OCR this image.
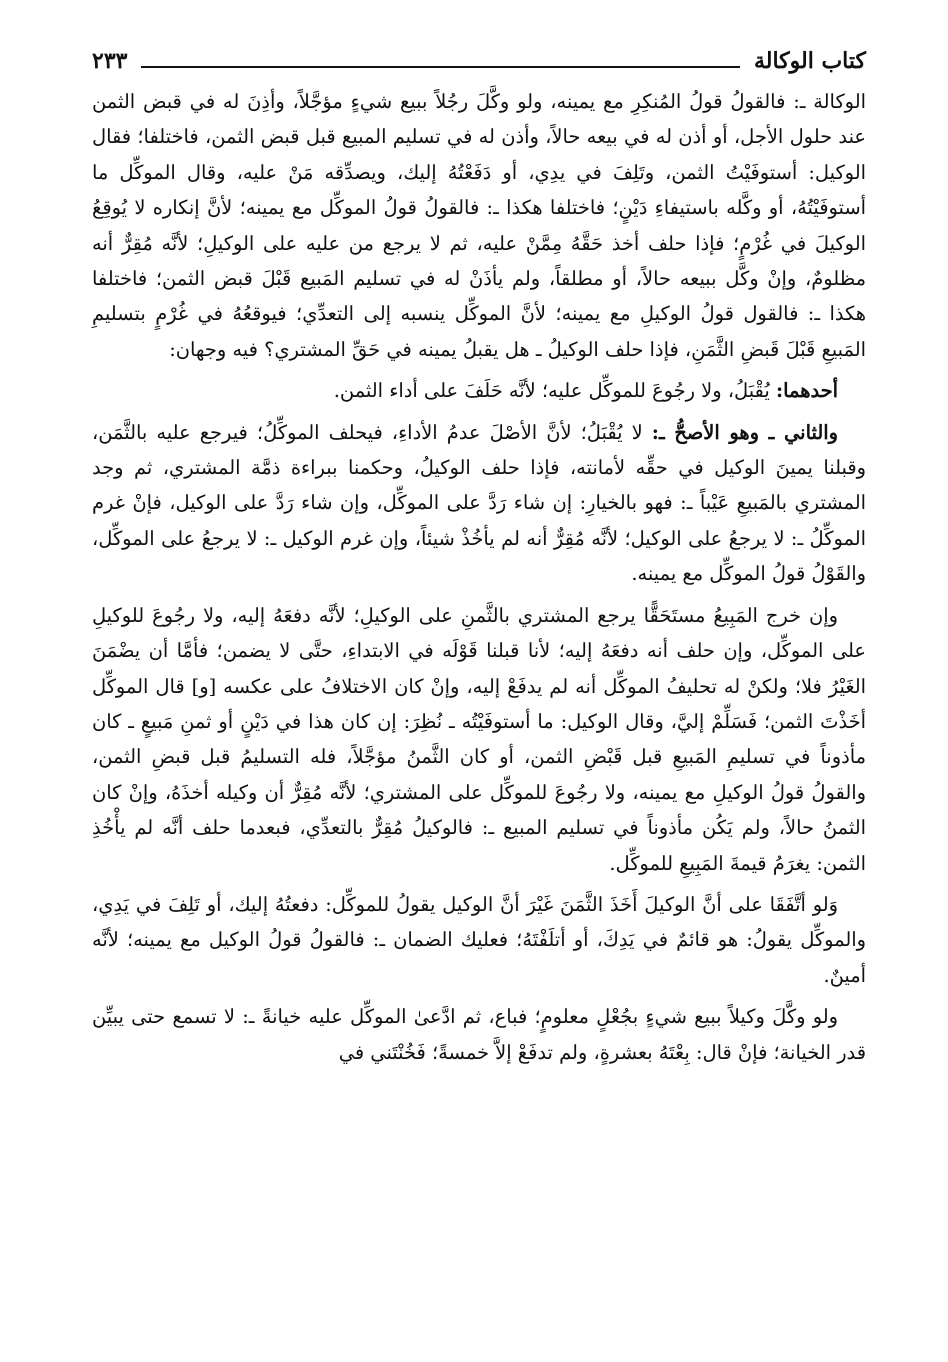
كتاب الوكالة
٢٣٣

الوكالة ـ: فالقولُ قولُ المُنكِرِ مع يمينه، ولو وكَّلَ رجُلاً ببيع شيءٍ مؤجَّلاً، وأذِنَ له في قبض الثمن عند حلول الأجل، أو أذن له في بيعه حالاً، وأذن له في تسليم المبيع قبل قبض الثمن، فاختلفا؛ فقال الوكيل: أستوفَيْتُ الثمن، وتَلِفَ في يدِي، أو دَفَعْتُهُ إليك، ويصدِّقه مَنْ عليه، وقال الموكِّل ما أستوفَيْتُهُ، أو وكَّله باستيفاءِ دَيْنٍ؛ فاختلفا هكذا ـ: فالقولُ قولُ الموكِّل مع يمينه؛ لأنَّ إنكاره لا يُوقِعُ الوكيلَ في غُرْمٍ؛ فإذا حلف أخذ حَقَّهُ مِمَّنْ عليه، ثم لا يرجع من عليه على الوكيلِ؛ لأنَّه مُقِرٌّ أنه مظلومٌ، وإنْ وكَّل ببيعه حالاً، أو مطلقاً، ولم يأذَنْ له في تسليم المَبيع قَبْلَ قبض الثمن؛ فاختلفا هكذا ـ: فالقول قولُ الوكيلِ مع يمينه؛ لأنَّ الموكِّل ينسبه إلى التعدِّي؛ فيوقعُهُ في غُرْمٍ بتسليمِ المَبيعِ قَبْلَ قَبضِ الثَّمَنِ، فإذا حلف الوكيلُ ـ هل يقبلُ يمينه في حَقِّ المشتري؟ فيه وجهان:

أحدهما: يُقْبَلُ، ولا رجُوعَ للموكِّل عليه؛ لأنَّه حَلَفَ على أداء الثمن.

والثاني ـ وهو الأصحُّ ـ: لا يُقْبَلُ؛ لأنَّ الأصْلَ عدمُ الأداءِ، فيحلف الموكِّلُ؛ فيرجع عليه بالثَّمَن، وقبلنا يمينَ الوكيل في حقِّه لأمانته، فإذا حلف الوكيلُ، وحكمنا ببراءة ذمَّة المشتري، ثم وجد المشتري بالمَبيعِ عَيْباً ـ: فهو بالخيارِ: إن شاء رَدَّ على الموكِّل، وإن شاء رَدَّ على الوكيل، فإنْ غرم الموكِّلُ ـ: لا يرجعُ على الوكيل؛ لأنَّه مُقِرٌّ أنه لم يأخُذْ شيئاً، وإن غرم الوكيل ـ: لا يرجعُ على الموكِّل، والقَوْلُ قولُ الموكِّل مع يمينه.

وإن خرج المَبِيعُ مستَحَقًّا يرجع المشتري بالثَّمنِ على الوكيلِ؛ لأنَّه دفعَهُ إليه، ولا رجُوعَ للوكيلِ على الموكِّل، وإن حلف أنه دفعَهُ إليه؛ لأنا قبلنا قَوْلَه في الابتداءِ، حتَّى لا يضمن؛ فأمَّا أن يضْمَنَ الغَيْرُ فلا؛ ولكنْ له تحليفُ الموكِّل أنه لم يدفَعْ إليه، وإنْ كان الاختلافُ على عكسه [و] قال الموكِّل أخَذْتَ الثمن؛ فَسَلِّمْ إليَّ، وقال الوكيل: ما أستوفَيْتُه ـ نُظِرَ: إن كان هذا في دَيْنٍ أو ثمنِ مَبيعٍ ـ كان مأذوناً في تسليمِ المَبيعِ قبل قَبْضِ الثمن، أو كان الثَّمنُ مؤجَّلاً، فله التسليمُ قبل قبضِ الثمن، والقولُ قولُ الوكيلِ مع يمينه، ولا رجُوعَ للموكِّل على المشتري؛ لأنَّه مُقِرٌّ أن وكيله أخذَهُ، وإنْ كان الثمنُ حالاً، ولم يَكُن مأذوناً في تسليم المبيع ـ: فالوكيلُ مُقِرٌّ بالتعدِّي، فبعدما حلف أنَّه لم يأْخُذِ الثمن: يغرَمُ قيمةَ المَبِيعِ للموكِّل.

وَلو أتَّفَقَا على أنَّ الوكيلَ أَخَذَ الثَّمَنَ غَيْرَ أنَّ الوكيل يقولُ للموكِّل: دفعتُهُ إليك، أو تَلِفَ في يَدِي، والموكِّل يقولُ: هو قائمٌ في يَدِكَ، أو أتلَفْتَهُ؛ فعليك الضمان ـ: فالقولُ قولُ الوكيل مع يمينه؛ لأنَّه أمينٌ.

ولو وكَّلَ وكيلاً ببيع شيءٍ بجُعْلٍ معلومٍ؛ فباع، ثم ادَّعىٰ الموكِّل عليه خيانةً ـ: لا تسمع حتى يبيِّن قدر الخيانة؛ فإنْ قال: بِعْتَهُ بعشرةٍ، ولم تدفَعْ إلاَّ خمسةً؛ فَخُنْتَني في
